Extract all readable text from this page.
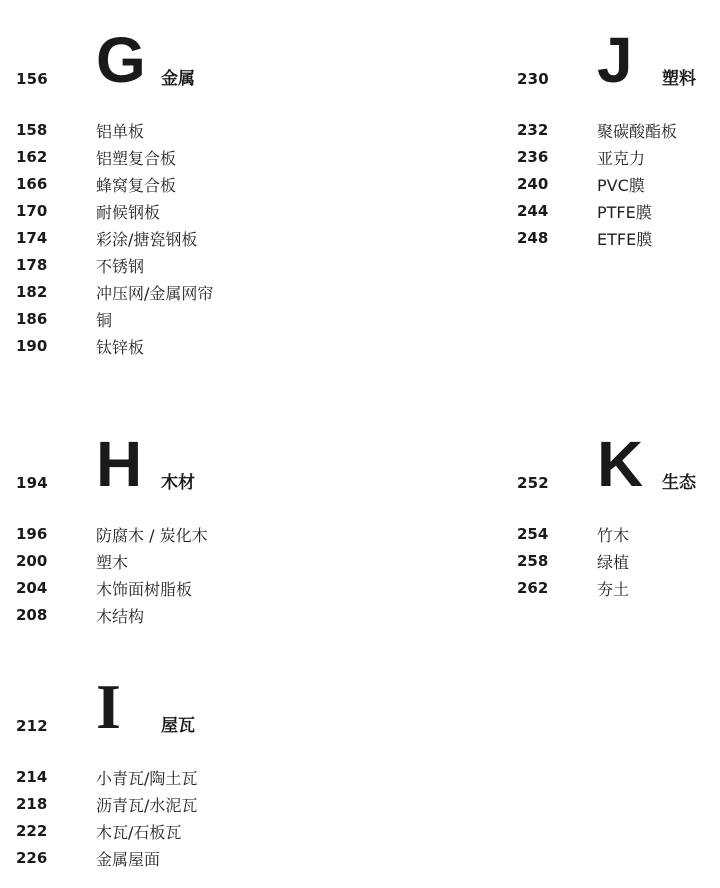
156 G 金属
158	铝单板
162	铝塑复合板
166	蜂窝复合板
170	耐候钢板
174	彩涂/搪瓷钢板
178	不锈钢
182	冲压网/金属网帘
186	铜
190	钛锌板
194 H 木材
196	防腐木 / 炭化木
200	塑木
204	木饰面树脂板
208	木结构
212 I 屋瓦
214	小青瓦/陶土瓦
218	沥青瓦/水泥瓦
222	木瓦/石板瓦
226	金属屋面
230 J 塑料
232	聚碳酸酯板
236	亚克力
240	PVC膜
244	PTFE膜
248	ETFE膜
252 K 生态
254	竹木
258	绿植
262	夯土
